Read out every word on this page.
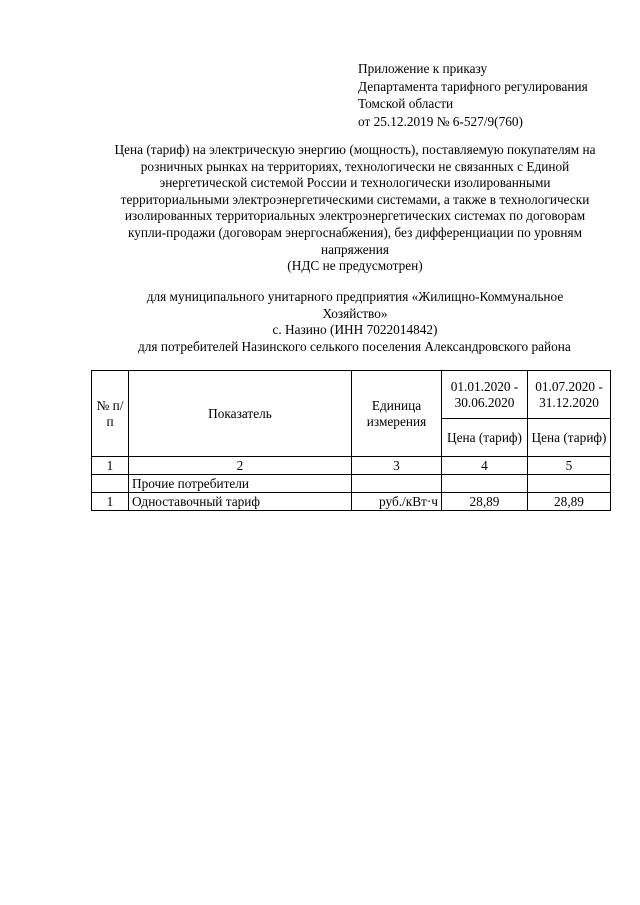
Приложение к приказу
Департамента тарифного регулирования
Томской области
от 25.12.2019 № 6-527/9(760)
Цена (тариф) на электрическую энергию (мощность), поставляемую покупателям на
розничных рынках на территориях, технологически не связанных с Единой
энергетической системой России и технологически изолированными
территориальными электроэнергетическими системами, а также в технологически
изолированных территориальных электроэнергетических системах по договорам
купли-продажи (договорам энергоснабжения), без дифференциации по уровням
напряжения
(НДС не предусмотрен)
для муниципального унитарного предприятия «Жилищно-Коммунальное
Хозяйство»
с. Назино (ИНН 7022014842)
для потребителей Назинского селького поселения Александровского района
№ п/п	Показатель	Единица измерения	01.01.2020 - 30.06.2020	01.07.2020 - 31.12.2020
			Цена (тариф)	Цена (тариф)
1	2	3	4	5
	Прочие потребители			
1	Одноставочный тариф	руб./кВт·ч	28,89	28,89
